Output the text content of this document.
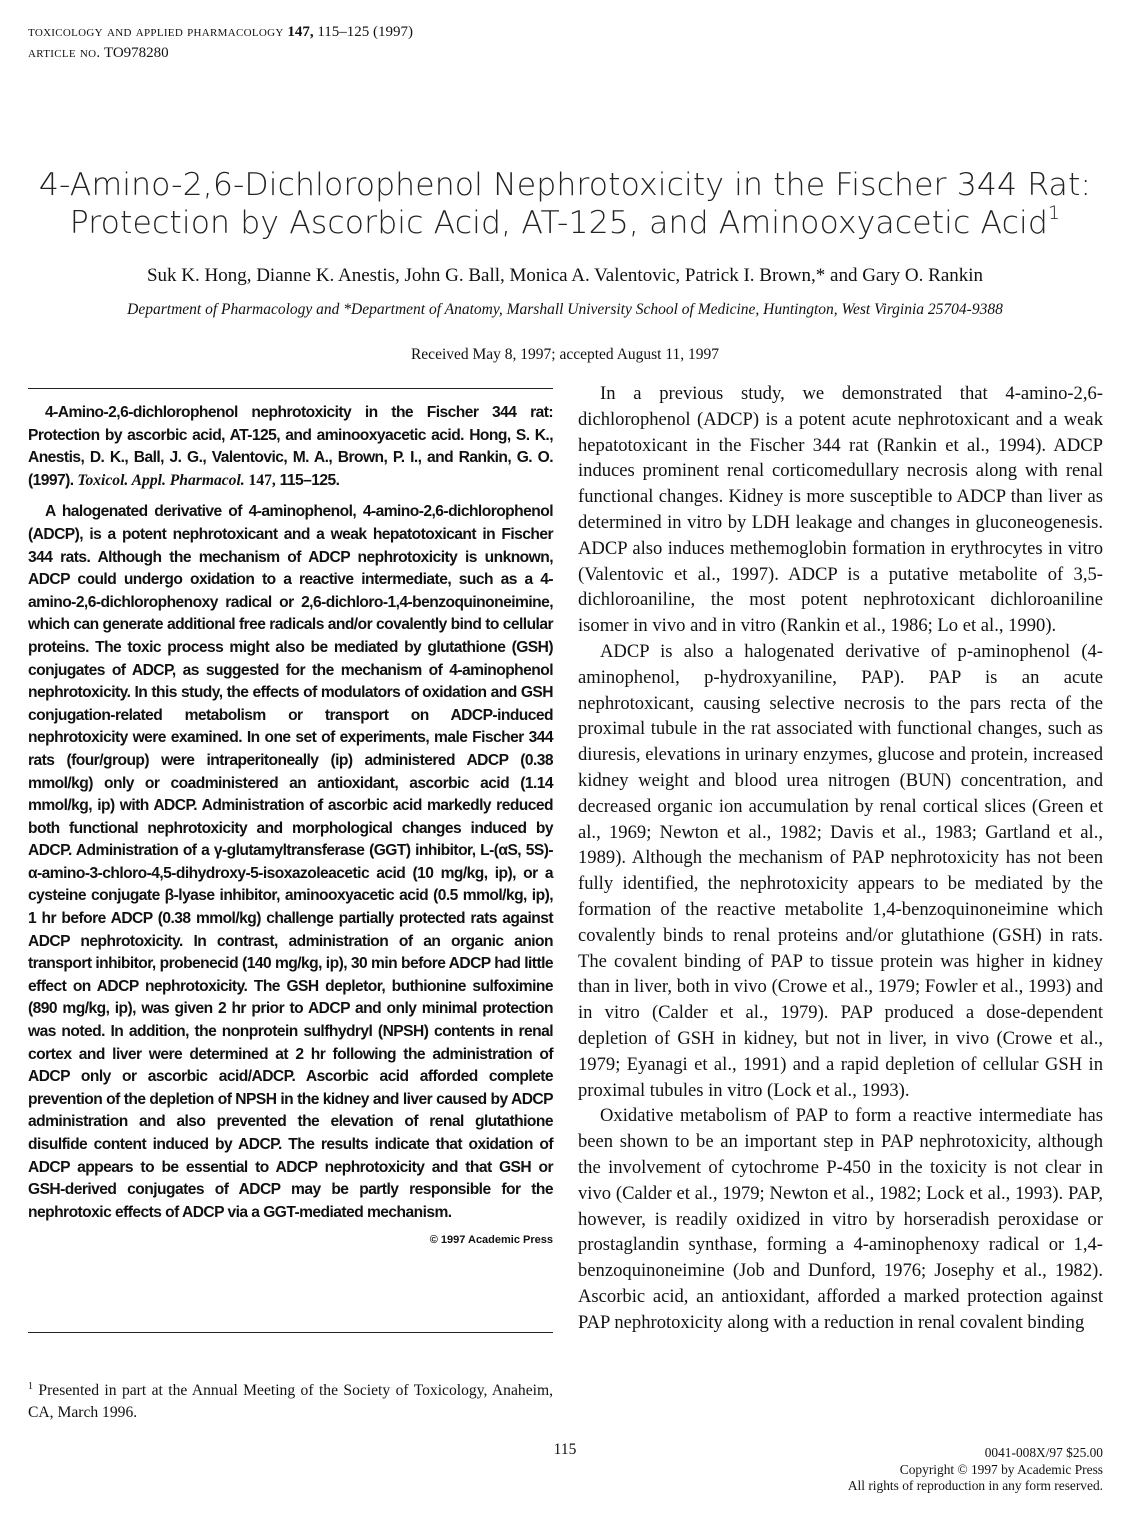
toxicology and applied pharmacology 147, 115–125 (1997)
article no. TO978280
4-Amino-2,6-Dichlorophenol Nephrotoxicity in the Fischer 344 Rat:
Protection by Ascorbic Acid, AT-125, and Aminooxyacetic Acid$^1$
Suk K. Hong, Dianne K. Anestis, John G. Ball, Monica A. Valentovic, Patrick I. Brown,* and Gary O. Rankin
Department of Pharmacology and *Department of Anatomy, Marshall University School of Medicine, Huntington, West Virginia 25704-9388
Received May 8, 1997; accepted August 11, 1997

4-Amino-2,6-dichlorophenol nephrotoxicity in the Fischer 344 rat: Protection by ascorbic acid, AT-125, and aminooxyacetic acid. Hong, S. K., Anestis, D. K., Ball, J. G., Valentovic, M. A., Brown, P. I., and Rankin, G. O. (1997). Toxicol. Appl. Pharmacol. 147, 115–125.

A halogenated derivative of 4-aminophenol, 4-amino-2,6-dichlorophenol (ADCP), is a potent nephrotoxicant and a weak hepatotoxicant in Fischer 344 rats. Although the mechanism of ADCP nephrotoxicity is unknown, ADCP could undergo oxidation to a reactive intermediate, such as a 4-amino-2,6-dichlorophenoxy radical or 2,6-dichloro-1,4-benzoquinoneimine, which can generate additional free radicals and/or covalently bind to cellular proteins. The toxic process might also be mediated by glutathione (GSH) conjugates of ADCP, as suggested for the mechanism of 4-aminophenol nephrotoxicity. In this study, the effects of modulators of oxidation and GSH conjugation-related metabolism or transport on ADCP-induced nephrotoxicity were examined. In one set of experiments, male Fischer 344 rats (four/group) were intraperitoneally (ip) administered ADCP (0.38 mmol/kg) only or coadministered an antioxidant, ascorbic acid (1.14 mmol/kg, ip) with ADCP. Administration of ascorbic acid markedly reduced both functional nephrotoxicity and morphological changes induced by ADCP. Administration of a γ-glutamyltransferase (GGT) inhibitor, L-(αS, 5S)-α-amino-3-chloro-4,5-dihydroxy-5-isoxazoleacetic acid (10 mg/kg, ip), or a cysteine conjugate β-lyase inhibitor, aminooxyacetic acid (0.5 mmol/kg, ip), 1 hr before ADCP (0.38 mmol/kg) challenge partially protected rats against ADCP nephrotoxicity. In contrast, administration of an organic anion transport inhibitor, probenecid (140 mg/kg, ip), 30 min before ADCP had little effect on ADCP nephrotoxicity. The GSH depletor, buthionine sulfoximine (890 mg/kg, ip), was given 2 hr prior to ADCP and only minimal protection was noted. In addition, the nonprotein sulfhydryl (NPSH) contents in renal cortex and liver were determined at 2 hr following the administration of ADCP only or ascorbic acid/ADCP. Ascorbic acid afforded complete prevention of the depletion of NPSH in the kidney and liver caused by ADCP administration and also prevented the elevation of renal glutathione disulfide content induced by ADCP. The results indicate that oxidation of ADCP appears to be essential to ADCP nephrotoxicity and that GSH or GSH-derived conjugates of ADCP may be partly responsible for the nephrotoxic effects of ADCP via a GGT-mediated mechanism.
© 1997 Academic Press

$^1$ Presented in part at the Annual Meeting of the Society of Toxicology, Anaheim, CA, March 1996.

In a previous study, we demonstrated that 4-amino-2,6-dichlorophenol (ADCP) is a potent acute nephrotoxicant and a weak hepatotoxicant in the Fischer 344 rat (Rankin et al., 1994). ADCP induces prominent renal corticomedullary necrosis along with renal functional changes. Kidney is more susceptible to ADCP than liver as determined in vitro by LDH leakage and changes in gluconeogenesis. ADCP also induces methemoglobin formation in erythrocytes in vitro (Valentovic et al., 1997). ADCP is a putative metabolite of 3,5-dichloroaniline, the most potent nephrotoxicant dichloroaniline isomer in vivo and in vitro (Rankin et al., 1986; Lo et al., 1990).

ADCP is also a halogenated derivative of p-aminophenol (4-aminophenol, p-hydroxyaniline, PAP). PAP is an acute nephrotoxicant, causing selective necrosis to the pars recta of the proximal tubule in the rat associated with functional changes, such as diuresis, elevations in urinary enzymes, glucose and protein, increased kidney weight and blood urea nitrogen (BUN) concentration, and decreased organic ion accumulation by renal cortical slices (Green et al., 1969; Newton et al., 1982; Davis et al., 1983; Gartland et al., 1989). Although the mechanism of PAP nephrotoxicity has not been fully identified, the nephrotoxicity appears to be mediated by the formation of the reactive metabolite 1,4-benzoquinoneimine which covalently binds to renal proteins and/or glutathione (GSH) in rats. The covalent binding of PAP to tissue protein was higher in kidney than in liver, both in vivo (Crowe et al., 1979; Fowler et al., 1993) and in vitro (Calder et al., 1979). PAP produced a dose-dependent depletion of GSH in kidney, but not in liver, in vivo (Crowe et al., 1979; Eyanagi et al., 1991) and a rapid depletion of cellular GSH in proximal tubules in vitro (Lock et al., 1993).

Oxidative metabolism of PAP to form a reactive intermediate has been shown to be an important step in PAP nephrotoxicity, although the involvement of cytochrome P-450 in the toxicity is not clear in vivo (Calder et al., 1979; Newton et al., 1982; Lock et al., 1993). PAP, however, is readily oxidized in vitro by horseradish peroxidase or prostaglandin synthase, forming a 4-aminophenoxy radical or 1,4-benzoquinoneimine (Job and Dunford, 1976; Josephy et al., 1982). Ascorbic acid, an antioxidant, afforded a marked protection against PAP nephrotoxicity along with a reduction in renal covalent binding

115	0041-008X/97 $25.00
Copyright © 1997 by Academic Press
All rights of reproduction in any form reserved.
